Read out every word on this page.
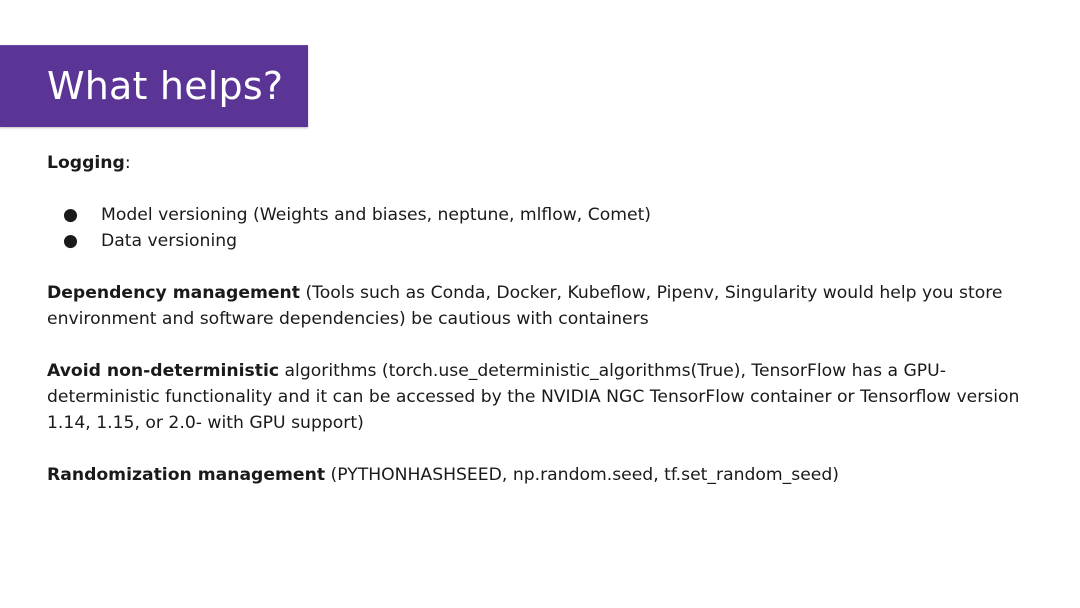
What helps?

Logging:

● Model versioning (Weights and biases, neptune, mlflow, Comet)
● Data versioning

Dependency management (Tools such as Conda, Docker, Kubeflow, Pipenv, Singularity would help you store environment and software dependencies) be cautious with containers

Avoid non-deterministic algorithms (torch.use_deterministic_algorithms(True), TensorFlow has a GPU-deterministic functionality and it can be accessed by the NVIDIA NGC TensorFlow container or Tensorflow version 1.14, 1.15, or 2.0- with GPU support)

Randomization management (PYTHONHASHSEED, np.random.seed, tf.set_random_seed)
